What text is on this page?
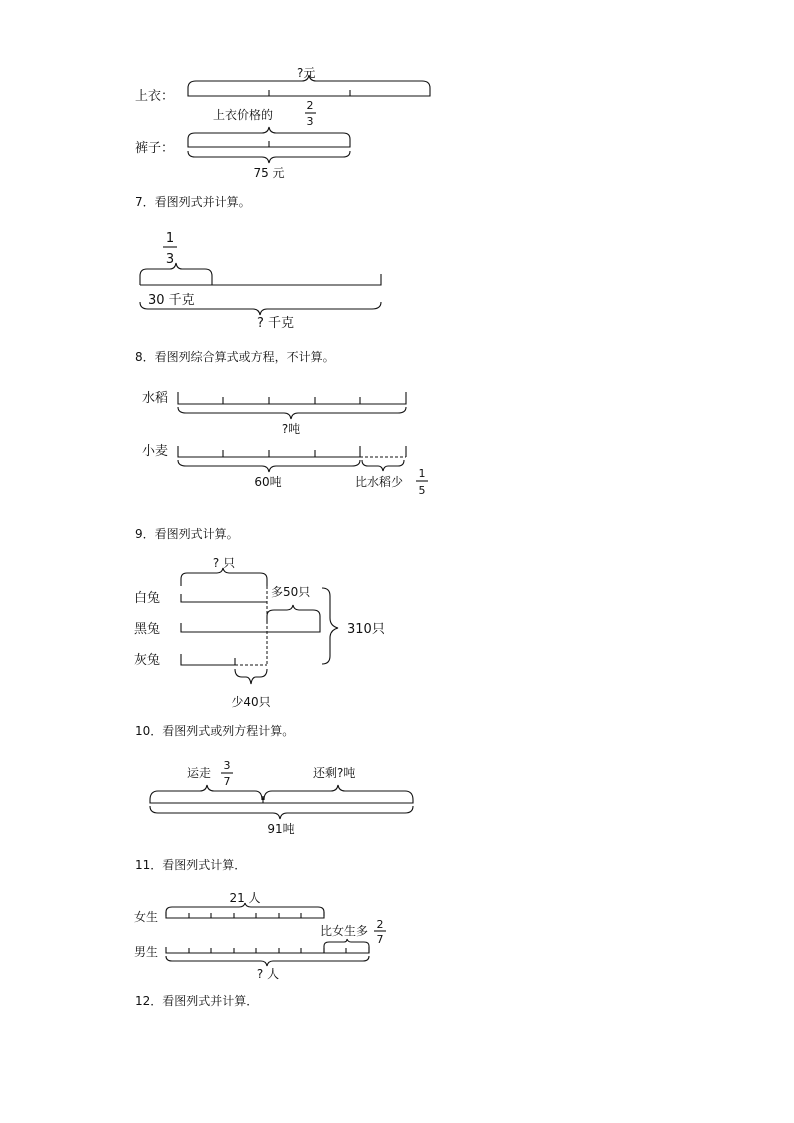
上衣：
?元
上衣价格的
2
3
裤子：
75 元
7．看图列式并计算。
1
3
30 千克
? 千克
8．看图列综合算式或方程，不计算。
水稻
?吨
小麦
60吨	比水稻少
1
5
9．看图列式计算。
? 只
白兔	多50只
黑兔
灰兔
少40只
310只
10．看图列式或列方程计算。
运走
3
7
还剩?吨
91吨
11．看图列式计算．
21 人
女生
比女生多 2
7
男生
? 人
12．看图列式并计算．
